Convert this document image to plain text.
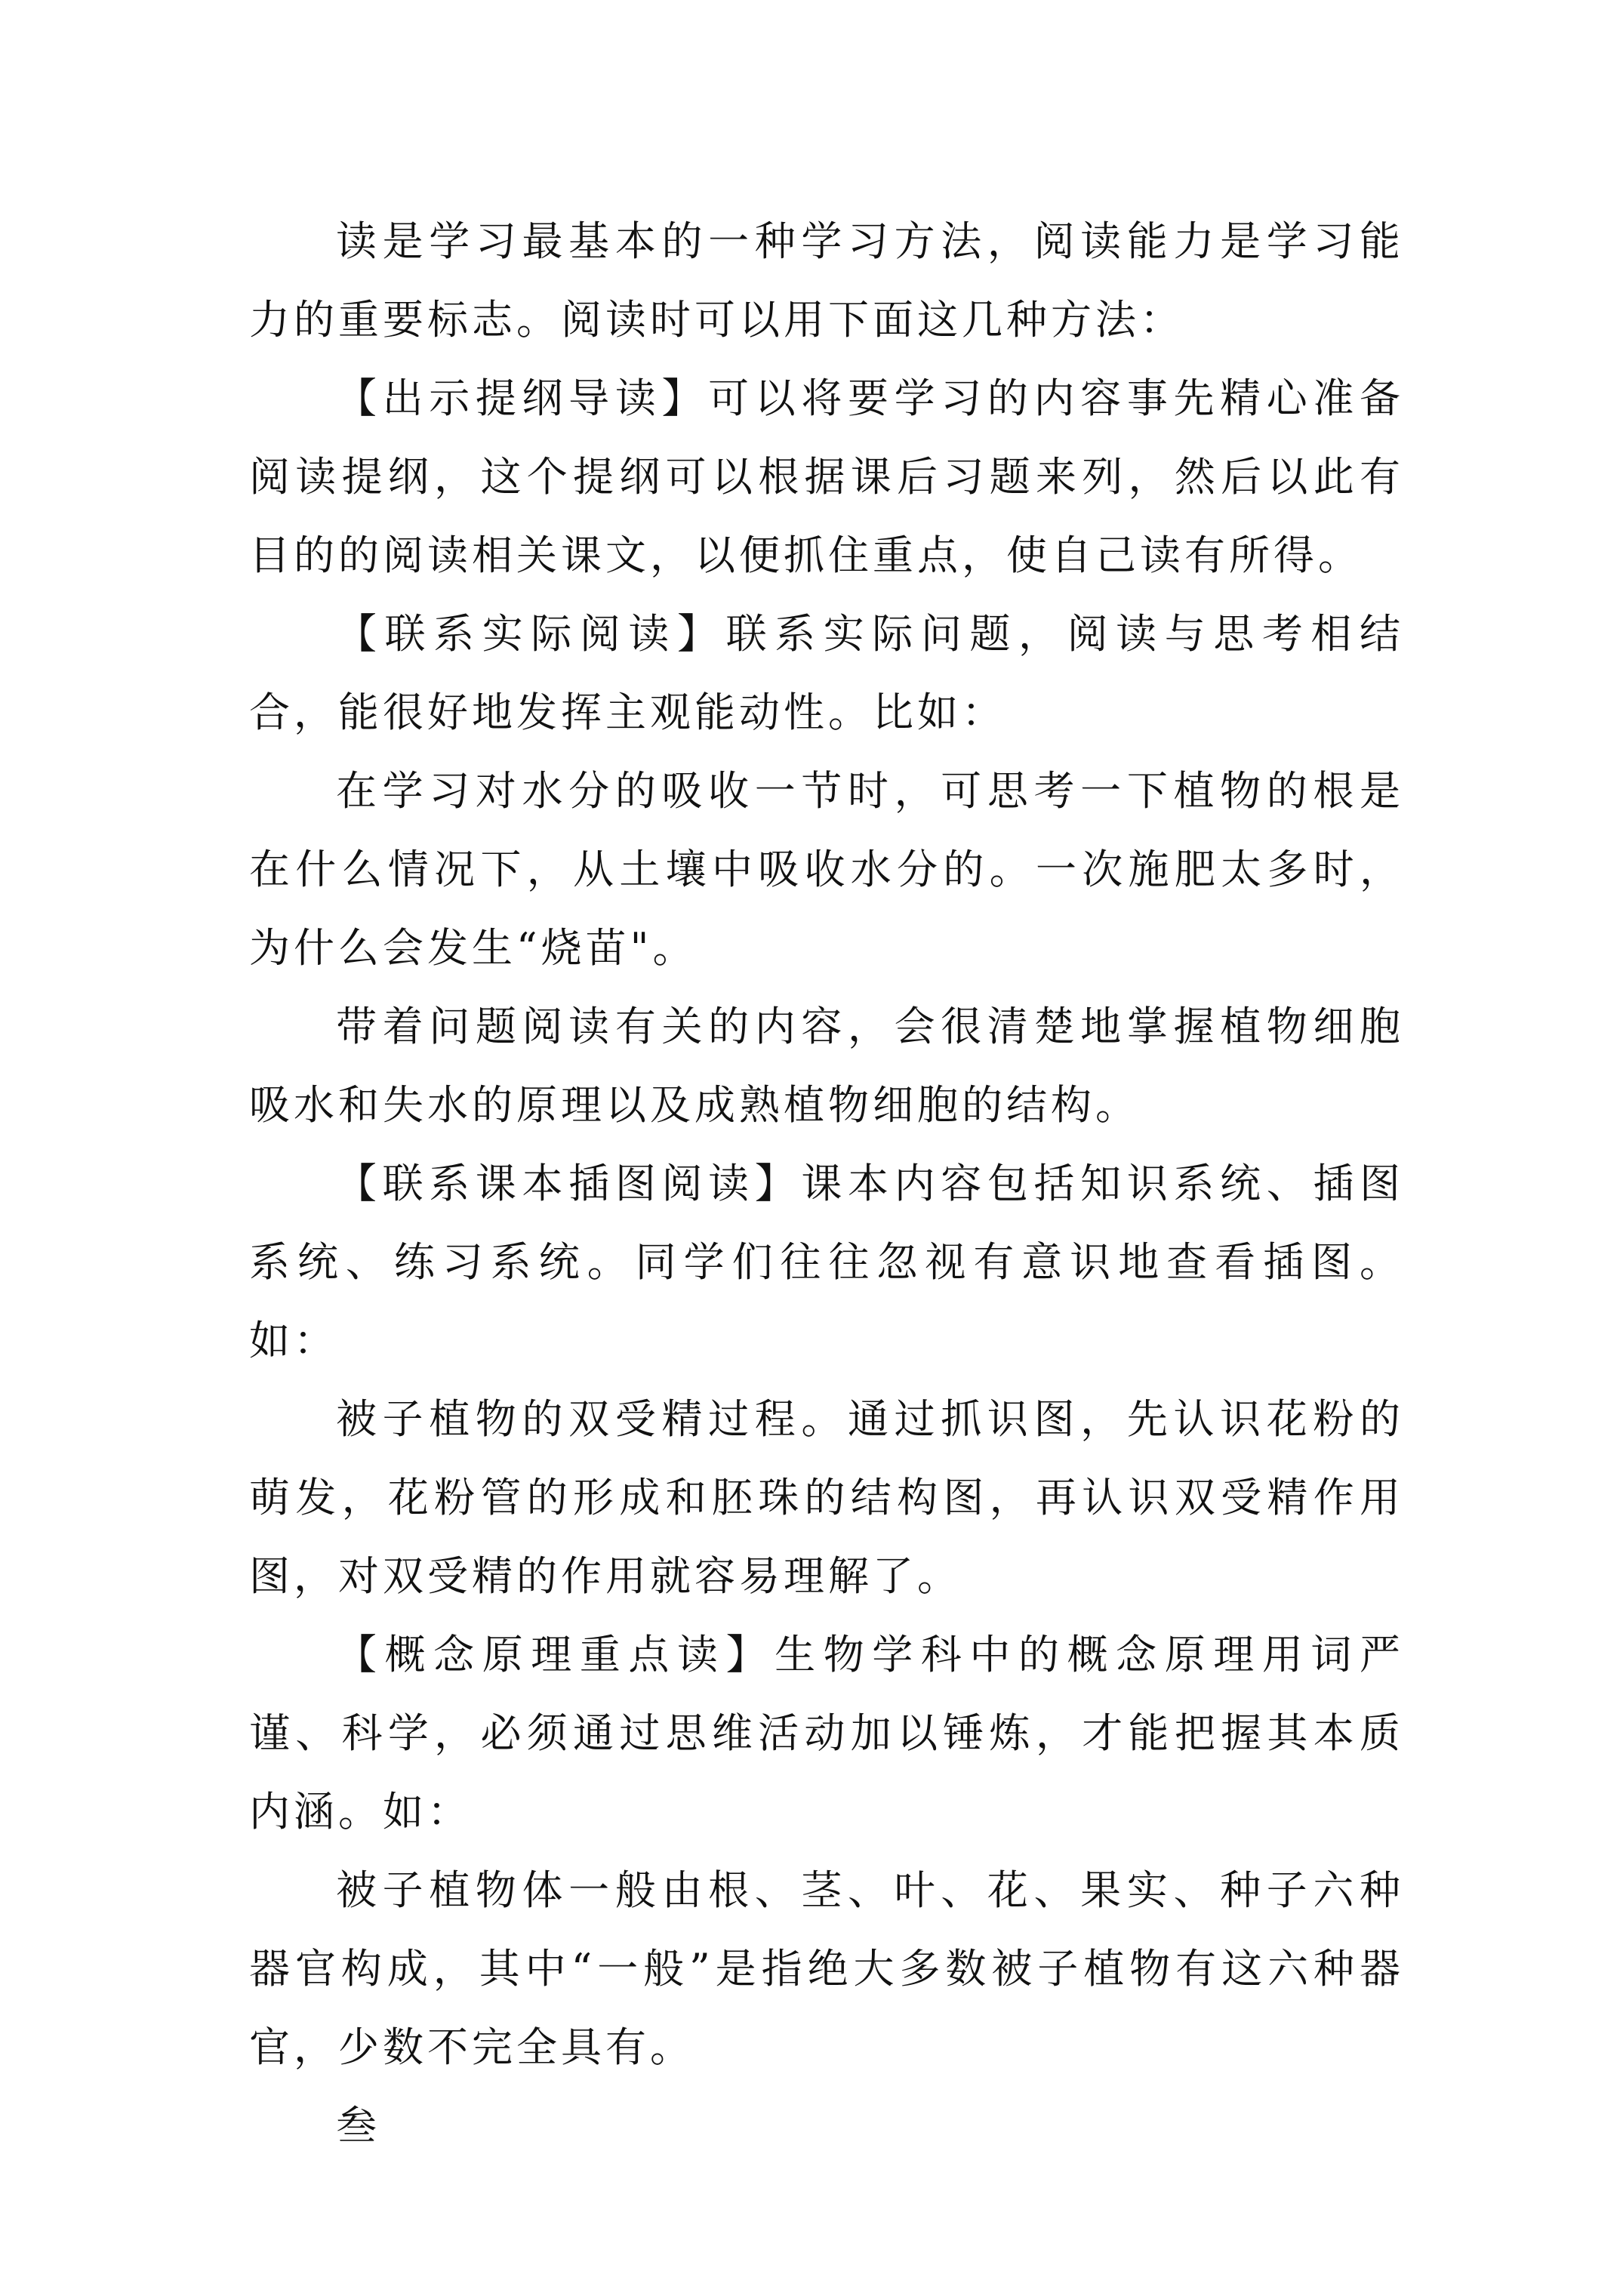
读是学习最基本的一种学习方法，阅读能力是学习能力的重要标志。阅读时可以用下面这几种方法：

【出示提纲导读】可以将要学习的内容事先精心准备阅读提纲，这个提纲可以根据课后习题来列，然后以此有目的的阅读相关课文，以便抓住重点，使自己读有所得。

【联系实际阅读】联系实际问题，阅读与思考相结合，能很好地发挥主观能动性。比如：

在学习对水分的吸收一节时，可思考一下植物的根是在什么情况下，从土壤中吸收水分的。一次施肥太多时，为什么会发生“烧苗"。

带着问题阅读有关的内容，会很清楚地掌握植物细胞吸水和失水的原理以及成熟植物细胞的结构。

【联系课本插图阅读】课本内容包括知识系统、插图系统、练习系统。同学们往往忽视有意识地查看插图。如：

被子植物的双受精过程。通过抓识图，先认识花粉的萌发，花粉管的形成和胚珠的结构图，再认识双受精作用图，对双受精的作用就容易理解了。

【概念原理重点读】生物学科中的概念原理用词严谨、科学，必须通过思维活动加以锤炼，才能把握其本质内涵。如：

被子植物体一般由根、茎、叶、花、果实、种子六种器官构成，其中“一般”是指绝大多数被子植物有这六种器官，少数不完全具有。

叁
